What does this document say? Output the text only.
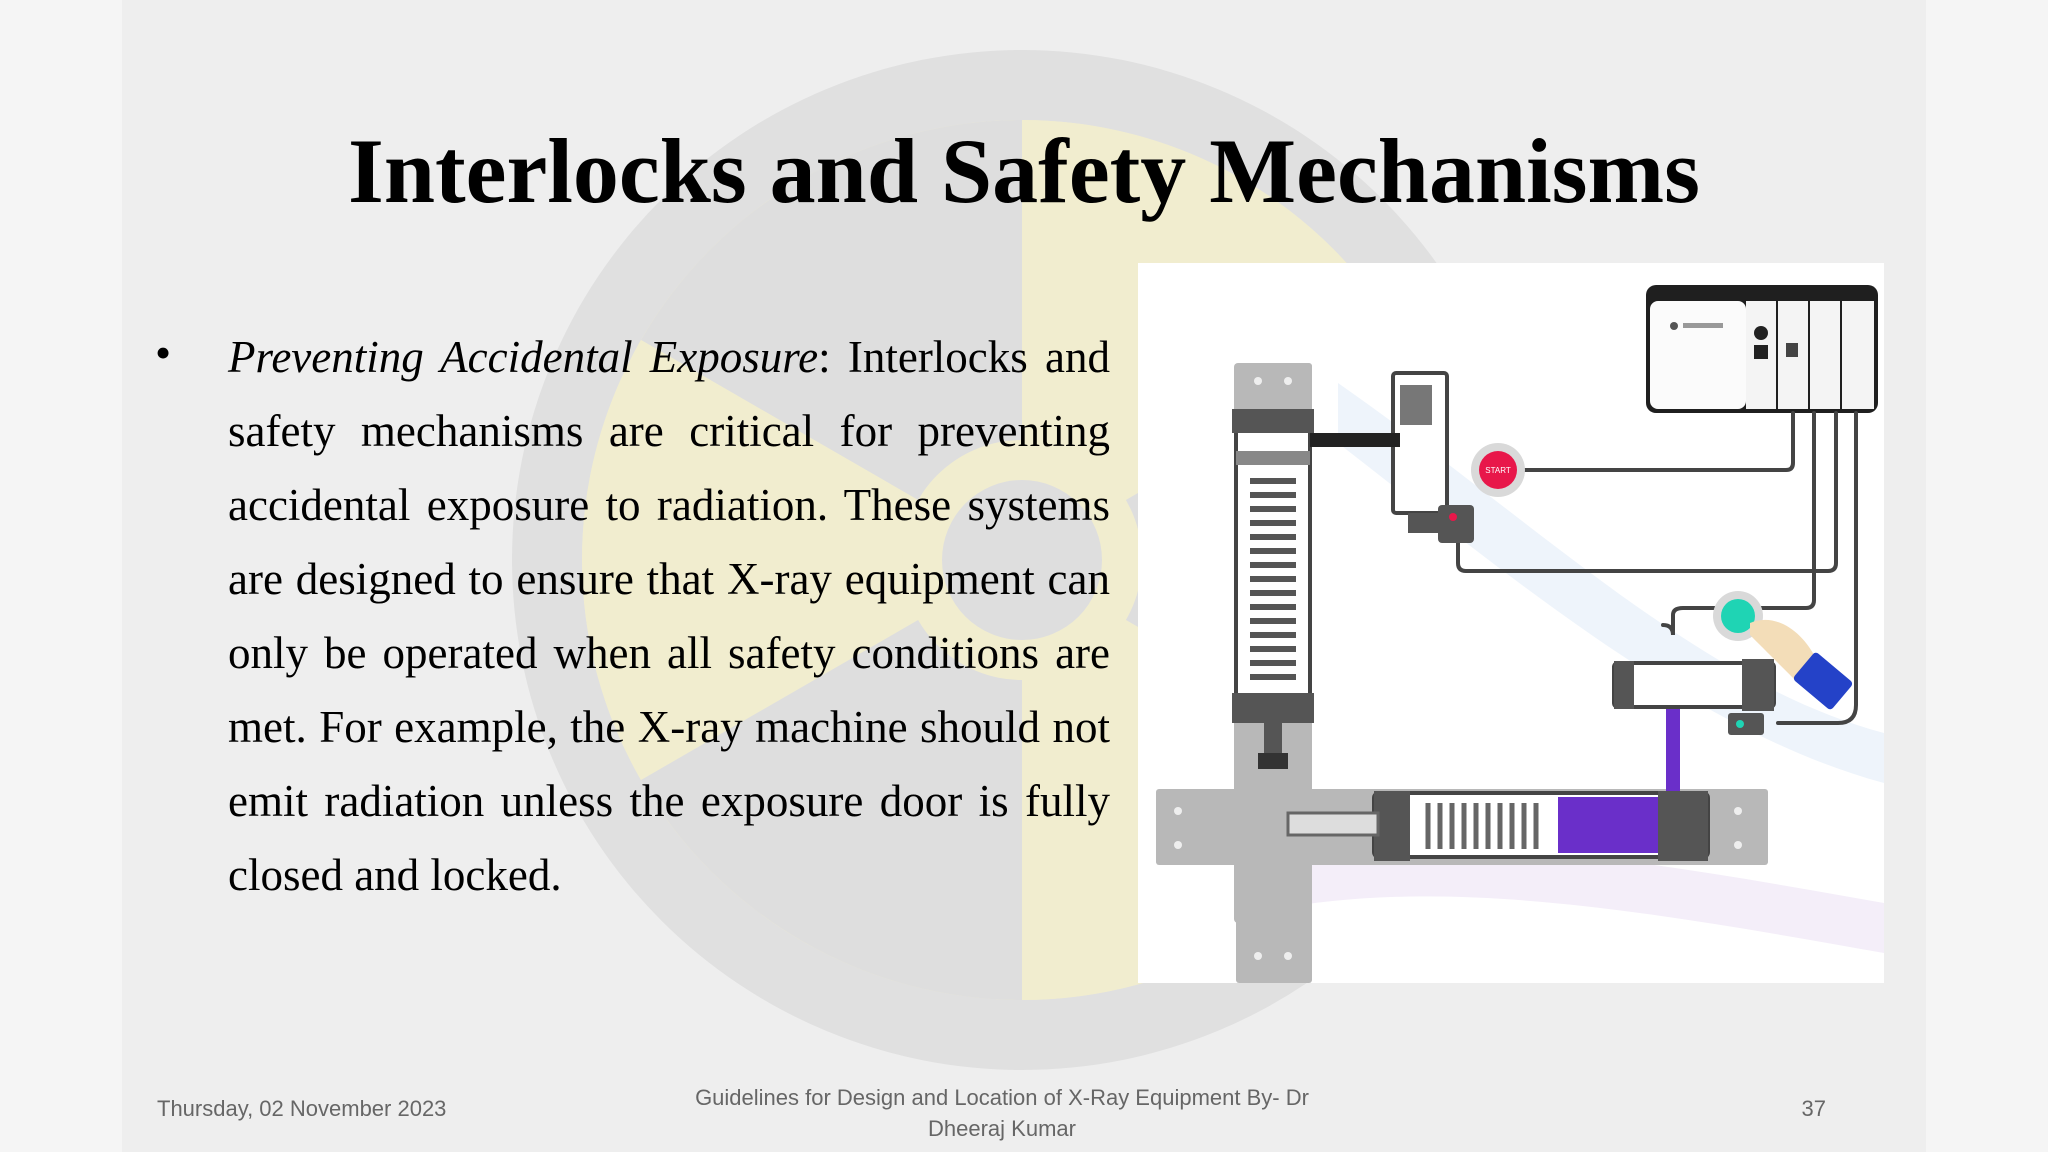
Interlocks and Safety Mechanisms
• Preventing Accidental Exposure: Interlocks and safety mechanisms are critical for preventing accidental exposure to radiation. These systems are designed to ensure that X-ray equipment can only be operated when all safety conditions are met. For example, the X-ray machine should not emit radiation unless the exposure door is fully closed and locked.
START
Thursday, 02 November 2023	Guidelines for Design and Location of X-Ray Equipment By- Dr
Dheeraj Kumar
37
